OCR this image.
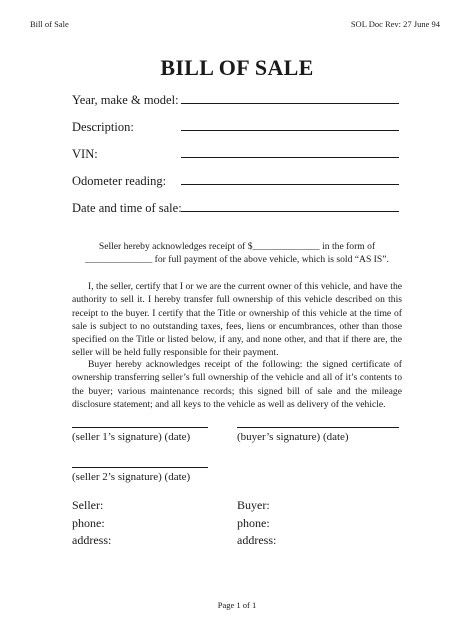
Bill of Sale	SOL Doc Rev: 27 June 94
BILL OF SALE
Year, make & model:
Description:
VIN:
Odometer reading:
Date and time of sale:

Seller hereby acknowledges receipt of $______________ in the form of

______________ for full payment of the above vehicle, which is sold “AS IS”.

I, the seller, certify that I or we are the current owner of this vehicle, and have the authority to sell it. I hereby transfer full ownership of this vehicle described on this receipt to the buyer. I certify that the Title or ownership of this vehicle at the time of sale is subject to no outstanding taxes, fees, liens or encumbrances, other than those specified on the Title or listed below, if any, and none other, and that if there are, the seller will be held fully responsible for their payment.
Buyer hereby acknowledges receipt of the following: the signed certificate of ownership transferring seller’s full ownership of the vehicle and all of it’s contents to the buyer; various maintenance records; this signed bill of sale and the mileage disclosure statement; and all keys to the vehicle as well as delivery of the vehicle.
(seller 1’s signature) (date)	(buyer’s signature) (date)
(seller 2’s signature) (date)
Seller:
phone:
address:
Buyer:
phone:
address:
Page 1 of 1
